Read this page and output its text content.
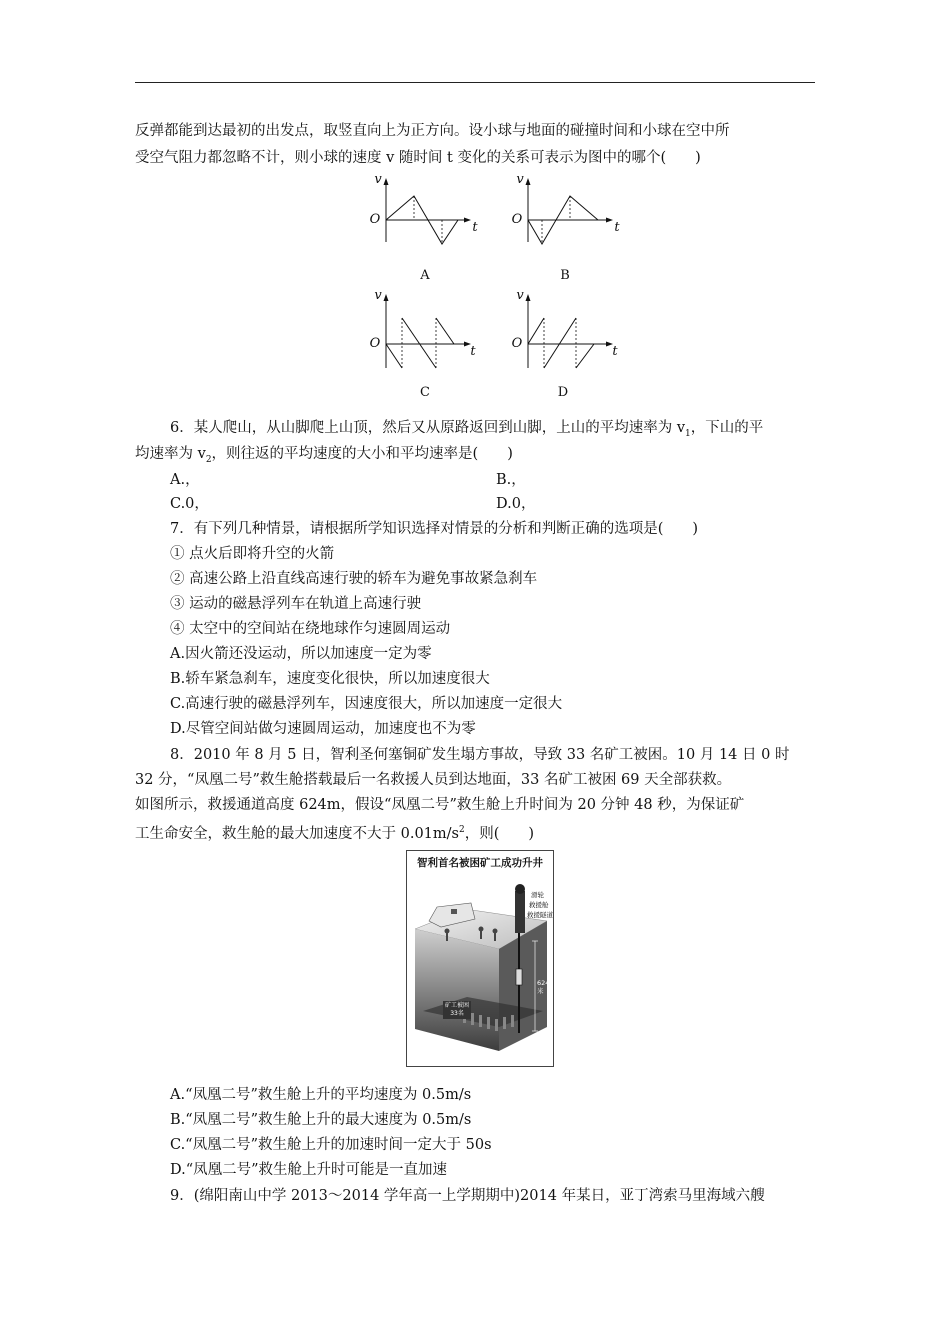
反弹都能到达最初的出发点，取竖直向上为正方向。设小球与地面的碰撞时间和小球在空中所
受空气阻力都忽略不计，则小球的速度 v 随时间 t 变化的关系可表示为图中的哪个(　　)
v
O
t
A
v
O
t
B
v
O
t
C
v
O
t
D
6．某人爬山，从山脚爬上山顶，然后又从原路返回到山脚，上山的平均速率为 $v_1$，下山的平
均速率为 $v_2$，则往返的平均速度的大小和平均速率是(　　)
A.，	B.，
C.0，	D.0，
7．有下列几种情景，请根据所学知识选择对情景的分析和判断正确的选项是(　　)
① 点火后即将升空的火箭
② 高速公路上沿直线高速行驶的轿车为避免事故紧急刹车
③ 运动的磁悬浮列车在轨道上高速行驶
④ 太空中的空间站在绕地球作匀速圆周运动
A.因火箭还没运动，所以加速度一定为零
B.轿车紧急刹车，速度变化很快，所以加速度很大
C.高速行驶的磁悬浮列车，因速度很大，所以加速度一定很大
D.尽管空间站做匀速圆周运动，加速度也不为零
8．2010 年 8 月 5 日，智利圣何塞铜矿发生塌方事故，导致 33 名矿工被困。10 月 14 日 0 时
32 分，“凤凰二号”救生舱搭载最后一名救援人员到达地面，33 名矿工被困 69 天全部获救。
如图所示，救援通道高度 624m，假设“凤凰二号”救生舱上升时间为 20 分钟 48 秒，为保证矿
工生命安全，救生舱的最大加速度不大于 $0.01m/s^2$，则(　　)
智利首名被困矿工成功升井
滑轮
救援舱
救援隧道
624米
矿工被困
33名
A.“凤凰二号”救生舱上升的平均速度为 0.5m/s
B.“凤凰二号”救生舱上升的最大速度为 0.5m/s
C.“凤凰二号”救生舱上升的加速时间一定大于 50s
D.“凤凰二号”救生舱上升时可能是一直加速
9．(绵阳南山中学 2013～2014 学年高一上学期期中)2014 年某日，亚丁湾索马里海域六艘
